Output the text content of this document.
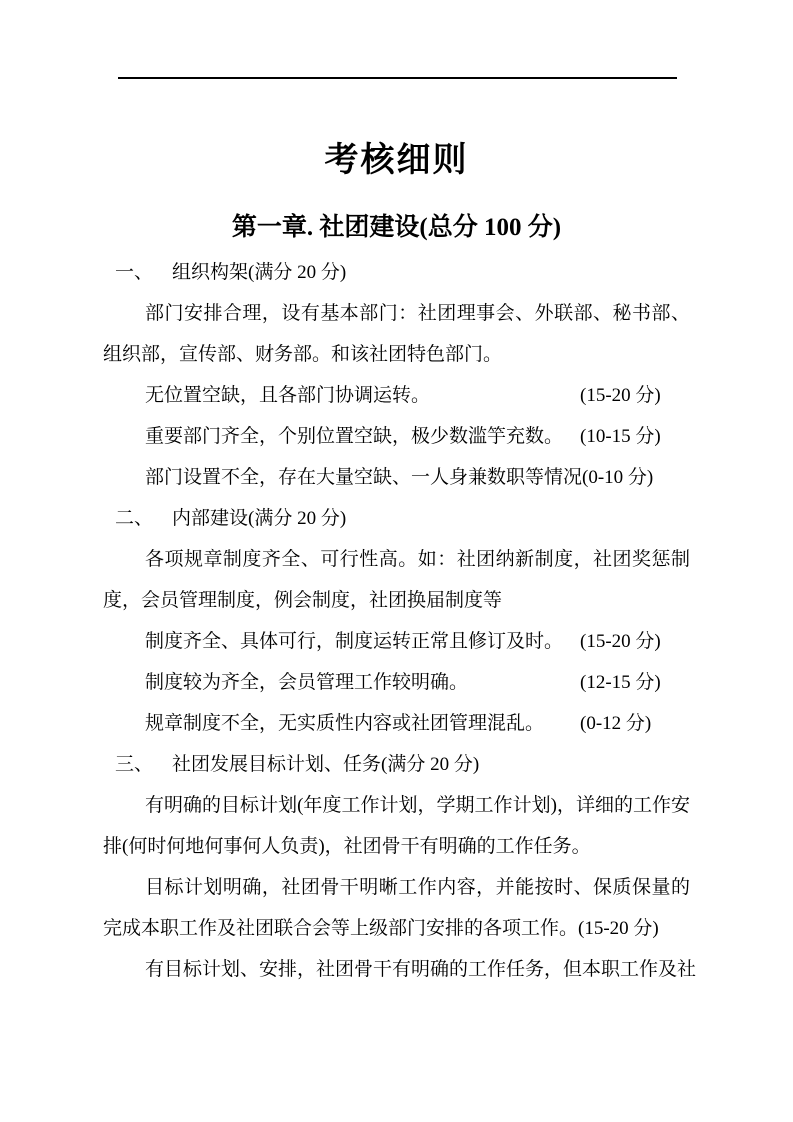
考核细则
第一章. 社团建设(总分 100 分)
一、 组织构架(满分 20 分)
部门安排合理，设有基本部门：社团理事会、外联部、秘书部、组织部，宣传部、财务部。和该社团特色部门。
无位置空缺，且各部门协调运转。	(15-20 分)
重要部门齐全，个别位置空缺，极少数滥竽充数。 (10-15 分)
部门设置不全，存在大量空缺、一人身兼数职等情况 (0-10 分)
二、 内部建设(满分 20 分)
各项规章制度齐全、可行性高。如：社团纳新制度，社团奖惩制度，会员管理制度，例会制度，社团换届制度等
制度齐全、具体可行，制度运转正常且修订及时。 (15-20 分)
制度较为齐全，会员管理工作较明确。	(12-15 分)
规章制度不全，无实质性内容或社团管理混乱。	(0-12 分)
三、 社团发展目标计划、任务(满分 20 分)
有明确的目标计划(年度工作计划，学期工作计划)，详细的工作安排(何时何地何事何人负责)，社团骨干有明确的工作任务。
目标计划明确，社团骨干明晰工作内容，并能按时、保质保量的完成本职工作及社团联合会等上级部门安排的各项工作。(15-20 分)
有目标计划、安排，社团骨干有明确的工作任务，但本职工作及社
